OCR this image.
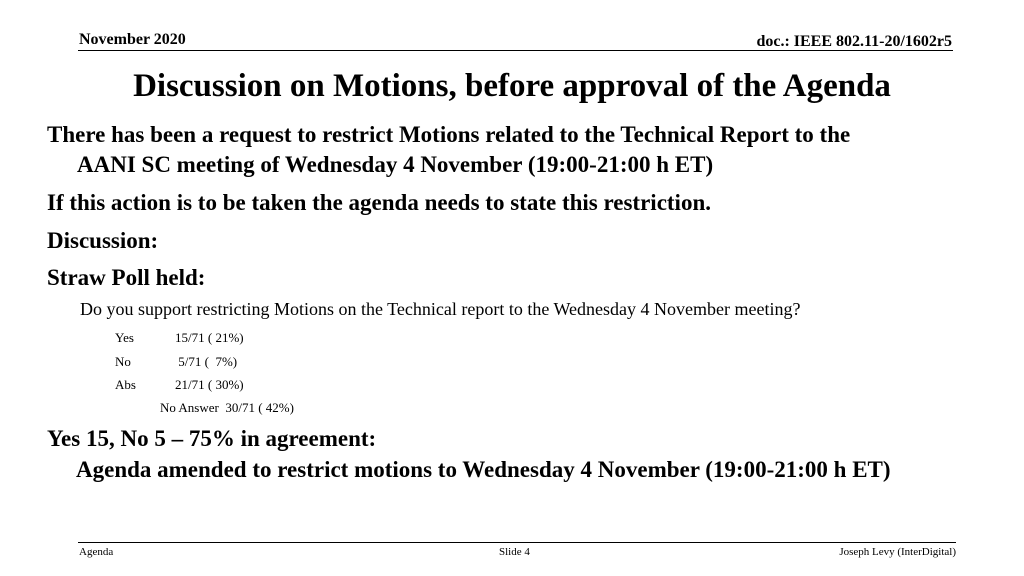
November 2020	doc.: IEEE 802.11-20/1602r5
Discussion on Motions, before approval of the Agenda
There has been a request to restrict Motions related to the Technical Report to the
AANI SC meeting of Wednesday 4 November (19:00-21:00 h ET)
If this action is to be taken the agenda needs to state this restriction.
Discussion:
Straw Poll held:
Do you support restricting Motions on the Technical report to the Wednesday 4 November meeting?
Yes	15/71 ( 21%)
No	5/71 (  7%)
Abs	21/71 ( 30%)
No Answer  30/71 ( 42%)
Yes 15, No 5 – 75% in agreement:
Agenda amended to restrict motions to Wednesday 4 November (19:00-21:00 h ET)
Agenda	Slide 4	Joseph Levy (InterDigital)
